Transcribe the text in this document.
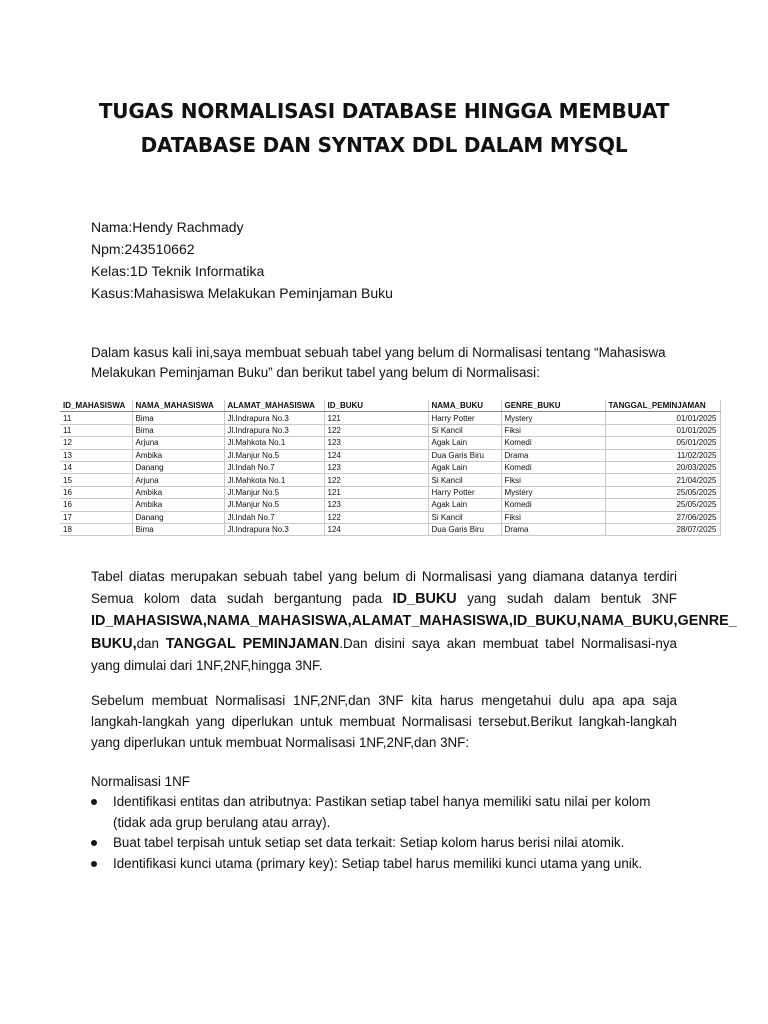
TUGAS NORMALISASI DATABASE HINGGA MEMBUAT
DATABASE DAN SYNTAX DDL DALAM MYSQL
Nama:Hendy Rachmady
Npm:243510662
Kelas:1D Teknik Informatika
Kasus:Mahasiswa Melakukan Peminjaman Buku
Dalam kasus kali ini,saya membuat sebuah tabel yang belum di Normalisasi tentang “Mahasiswa Melakukan Peminjaman Buku” dan berikut tabel yang belum di Normalisasi:
ID_MAHASISWA	NAMA_MAHASISWA	ALAMAT_MAHASISWA	ID_BUKU	NAMA_BUKU	GENRE_BUKU	TANGGAL_PEMINJAMAN
11	Bima	Jl.Indrapura No.3	121	Harry Potter	Mystery	01/01/2025
11	Bima	Jl.Indrapura No.3	122	Si Kancil	Fiksi	01/01/2025
12	Arjuna	Jl.Mahkota No.1	123	Agak Lain	Komedi	05/01/2025
13	Ambika	Jl.Manjur No.5	124	Dua Garis Biru	Drama	11/02/2025
14	Danang	Jl.Indah No.7	123	Agak Lain	Komedi	20/03/2025
15	Arjuna	Jl.Mahkota No.1	122	Si Kancil	Fiksi	21/04/2025
16	Ambika	Jl.Manjur No.5	121	Harry Potter	Mystery	25/05/2025
16	Ambika	Jl.Manjur No.5	123	Agak Lain	Komedi	25/05/2025
17	Danang	Jl.Indah No.7	122	Si Kancil	Fiksi	27/06/2025
18	Bima	Jl.Indrapura No.3	124	Dua Garis Biru	Drama	28/07/2025
Tabel diatas merupakan sebuah tabel yang belum di Normalisasi yang diamana datanya terdiri Semua kolom data sudah bergantung pada ID_BUKU yang sudah dalam bentuk 3NF ID_MAHASISWA,NAMA_MAHASISWA,ALAMAT_MAHASISWA,ID_BUKU,NAMA_BUKU,GENRE_ BUKU,dan TANGGAL PEMINJAMAN.Dan disini saya akan membuat tabel Normalisasi-nya yang dimulai dari 1NF,2NF,hingga 3NF.
Sebelum membuat Normalisasi 1NF,2NF,dan 3NF kita harus mengetahui dulu apa apa saja langkah-langkah yang diperlukan untuk membuat Normalisasi tersebut.Berikut langkah-langkah yang diperlukan untuk membuat Normalisasi 1NF,2NF,dan 3NF:
Normalisasi 1NF
Identifikasi entitas dan atributnya: Pastikan setiap tabel hanya memiliki satu nilai per kolom (tidak ada grup berulang atau array).
Buat tabel terpisah untuk setiap set data terkait: Setiap kolom harus berisi nilai atomik.
Identifikasi kunci utama (primary key): Setiap tabel harus memiliki kunci utama yang unik.
